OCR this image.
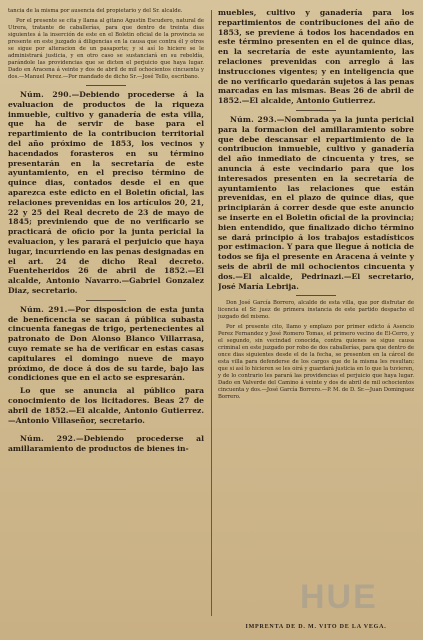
tancia de la misma por ausencia del propietario y del Sr. alcalde.

Por el presente se cita y llama al gitano Agustin Escudero, natural de Utrera, tratante de caballerías, para que dentro de treinta dias siguientes á la inserción de este en el Boletin oficial de la provincia se presente en este juzgado á diligencias en la causa que contra él y otros se sigue por alteracion de un pasaporte; y si así lo hiciere se le administrará justicia, y en otro caso se sustanciará en su rebeldía, parándole las providencias que se dicten el perjuicio que haya lugar. Dado en Aracena á veinte y dos de abril de mil ochocientos cincuenta y dos.—Manuel Perez.—Por mandado de dicho Sr.—José Tello, escribano.

Núm. 290.—Debiendo procederse á la evaluacion de productos de la riqueza inmueble, cultivo y ganadería de esta villa, que ha de servir de base para el repartimiento de la contribucion territorial del año próximo de 1853, los vecinos y hacendados forasteros en su término presentarán en la secretaría de este ayuntamiento, en el preciso término de quince dias, contados desde el en que aparezca este edicto en el Boletin oficial, las relaciones prevenidas en los artículos 20, 21, 22 y 25 del Real decreto de 23 de mayo de 1845; previniendo que de no verificarlo se practicará de oficio por la junta pericial la evaluacion, y les parará el perjuicio que haya lugar, incurriendo en las penas designadas en el art. 24 de dicho Real decreto. Fuenteheridos 26 de abril de 1852.—El alcalde, Antonio Navarro.—Gabriel Gonzalez Diaz, secretario.

Núm. 291.—Por disposicion de esta junta de beneficencia se sacan á pública subasta cincuenta fanegas de trigo, pertenecientes al patronato de Don Alonso Blanco Villarrasa, cuyo remate se ha de verificar en estas casas capitulares el domingo nueve de mayo próximo, de doce á dos de su tarde, bajo las condiciones que en el acto se espresarán.

Lo que se anuncia al público para conocimiento de los licitadores. Beas 27 de abril de 1852.—El alcalde, Antonio Gutierrez.—Antonio Villaseñor, secretario.

Núm. 292.—Debiendo procederse al amillaramiento de productos de bienes in-

muebles, cultivo y ganadería para los repartimientos de contribuciones del año de 1853, se previene á todos los hacendados en este término presenten en el de quince dias, en la secretaría de este ayuntamiento, las relaciones prevenidas con arreglo á las instrucciones vigentes; y en inteligencia que de no verificarlo quedarán sujetos á las penas marcadas en las mismas. Beas 26 de abril de 1852.—El alcalde, Antonio Gutierrez.

Núm. 293.—Nombrada ya la junta pericial para la formacion del amillaramiento sobre que debe descansar el repartimiento de la contribucion inmueble, cultivo y ganadería del año inmediato de cincuenta y tres, se anuncia á este vecindario para que los interesados presenten en la secretaría de ayuntamiento las relaciones que están prevenidas, en el plazo de quince dias, que principiarán á correr desde que este anuncio se inserte en el Boletin oficial de la provincia; bien entendido, que finalizado dicho término se dará principio á los trabajos estadísticos por estimacion. Y para que llegue á noticia de todos se fija el presente en Aracena á veinte y seis de abril de mil ochocientos cincuenta y dos.—El alcalde, Pedrinazi.—El secretario, José María Lebrija.

Don José García Borrero, alcalde de esta villa, que por disfrutar de licencia el Sr. juez de primera instancia de este partido despacho el juzgado del mismo.

Por el presente cito, llamo y emplazo por primer edicto á Asencio Perez Fernandez y José Romero Tomas, el primero vecino de El-Cerro, y el segundo, sin vecindad conocida, contra quienes se sigue causa criminal en este juzgado por robo de dos caballerías, para que dentro de once dias siguientes desde el de la fecha, se presenten en la cárcel de esta villa para defenderse de los cargos que de la misma les resultan; que si así lo hicieren se les oirá y guardará justicia en lo que la tuvieren, y de lo contrario les parará las providencias el perjuicio que haya lugar. Dado en Valverde del Camino á veinte y dos de abril de mil ochocientos cincuenta y dos.—José García Borrero.—P. M. de D. Sr.—Juan Dominguez Borrero.

HUE
IMPRENTA DE D. M. VITO DE LA VEGA.
